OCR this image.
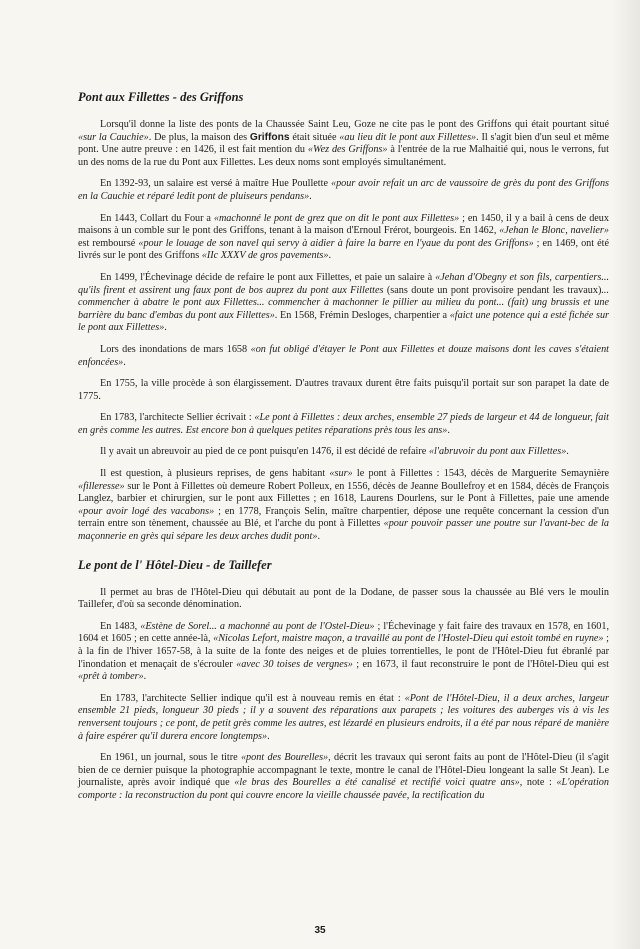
Pont aux Fillettes - des Griffons

Lorsqu'il donne la liste des ponts de la Chaussée Saint Leu, Goze ne cite pas le pont des Griffons qui était pourtant situé «sur la Cauchie». De plus, la maison des Griffons était située «au lieu dit le pont aux Fillettes». Il s'agit bien d'un seul et même pont. Une autre preuve : en 1426, il est fait mention du «Wez des Griffons» à l'entrée de la rue Malhaitié qui, nous le verrons, fut un des noms de la rue du Pont aux Fillettes. Les deux noms sont employés simultanément.

En 1392-93, un salaire est versé à maître Hue Poullette «pour avoir refait un arc de vaussoire de grès du pont des Griffons en la Cauchie et réparé ledit pont de pluiseurs pendans».

En 1443, Collart du Four a «machonné le pont de grez que on dit le pont aux Fillettes» ; en 1450, il y a bail à cens de deux maisons à un comble sur le pont des Griffons, tenant à la maison d'Ernoul Frérot, bourgeois. En 1462, «Jehan le Blonc, navelier» est remboursé «pour le louage de son navel qui servy à aidier à faire la barre en l'yaue du pont des Griffons» ; en 1469, ont été livrés sur le pont des Griffons «IIc XXXV de gros pavements».

En 1499, l'Échevinage décide de refaire le pont aux Fillettes, et paie un salaire à «Jehan d'Obegny et son fils, carpentiers... qu'ils firent et assirent ung faux pont de bos auprez du pont aux Fillettes (sans doute un pont provisoire pendant les travaux)... commencher à abatre le pont aux Fillettes... commencher à machonner le pillier au milieu du pont... (fait) ung brussis et une barrière du banc d'embas du pont aux Fillettes». En 1568, Frémin Desloges, charpentier a «faict une potence qui a esté fichée sur le pont aux Fillettes».

Lors des inondations de mars 1658 «on fut obligé d'étayer le Pont aux Fillettes et douze maisons dont les caves s'étaient enfoncées».

En 1755, la ville procède à son élargissement. D'autres travaux durent être faits puisqu'il portait sur son parapet la date de 1775.

En 1783, l'architecte Sellier écrivait : «Le pont à Fillettes : deux arches, ensemble 27 pieds de largeur et 44 de longueur, fait en grès comme les autres. Est encore bon à quelques petites réparations près tous les ans».

Il y avait un abreuvoir au pied de ce pont puisqu'en 1476, il est décidé de refaire «l'abruvoir du pont aux Fillettes».

Il est question, à plusieurs reprises, de gens habitant «sur» le pont à Fillettes : 1543, décès de Marguerite Semaynière «filleresse» sur le Pont à Fillettes où demeure Robert Polleux, en 1556, décès de Jeanne Boullefroy et en 1584, décès de François Langlez, barbier et chirurgien, sur le pont aux Fillettes ; en 1618, Laurens Dourlens, sur le Pont à Fillettes, paie une amende «pour avoir logé des vacabons» ; en 1778, François Selin, maître charpentier, dépose une requête concernant la cession d'un terrain entre son tènement, chaussée au Blé, et l'arche du pont à Fillettes «pour pouvoir passer une poutre sur l'avant-bec de la maçonnerie en grès qui sépare les deux arches dudit pont».

Le pont de l' Hôtel-Dieu - de Taillefer

Il permet au bras de l'Hôtel-Dieu qui débutait au pont de la Dodane, de passer sous la chaussée au Blé vers le moulin Taillefer, d'où sa seconde dénomination.

En 1483, «Estène de Sorel... a machonné au pont de l'Ostel-Dieu» ; l'Échevinage y fait faire des travaux en 1578, en 1601, 1604 et 1605 ; en cette année-là, «Nicolas Lefort, maistre maçon, a travaillé au pont de l'Hostel-Dieu qui estoit tombé en ruyne» ; à la fin de l'hiver 1657-58, à la suite de la fonte des neiges et de pluies torrentielles, le pont de l'Hôtel-Dieu fut ébranlé par l'inondation et menaçait de s'écrouler «avec 30 toises de vergnes» ; en 1673, il faut reconstruire le pont de l'Hôtel-Dieu qui est «prêt à tomber».

En 1783, l'architecte Sellier indique qu'il est à nouveau remis en état : «Pont de l'Hôtel-Dieu, il a deux arches, largeur ensemble 21 pieds, longueur 30 pieds ; il y a souvent des réparations aux parapets ; les voitures des auberges vis à vis les renversent toujours ; ce pont, de petit grès comme les autres, est lézardé en plusieurs endroits, il a été par nous réparé de manière à faire espérer qu'il durera encore longtemps».

En 1961, un journal, sous le titre «pont des Bourelles», décrit les travaux qui seront faits au pont de l'Hôtel-Dieu (il s'agit bien de ce dernier puisque la photographie accompagnant le texte, montre le canal de l'Hôtel-Dieu longeant la salle St Jean). Le journaliste, après avoir indiqué que «le bras des Bourelles a été canalisé et rectifié voici quatre ans», note : «L'opération comporte : la reconstruction du pont qui couvre encore la vieille chaussée pavée, la rectification du

35
